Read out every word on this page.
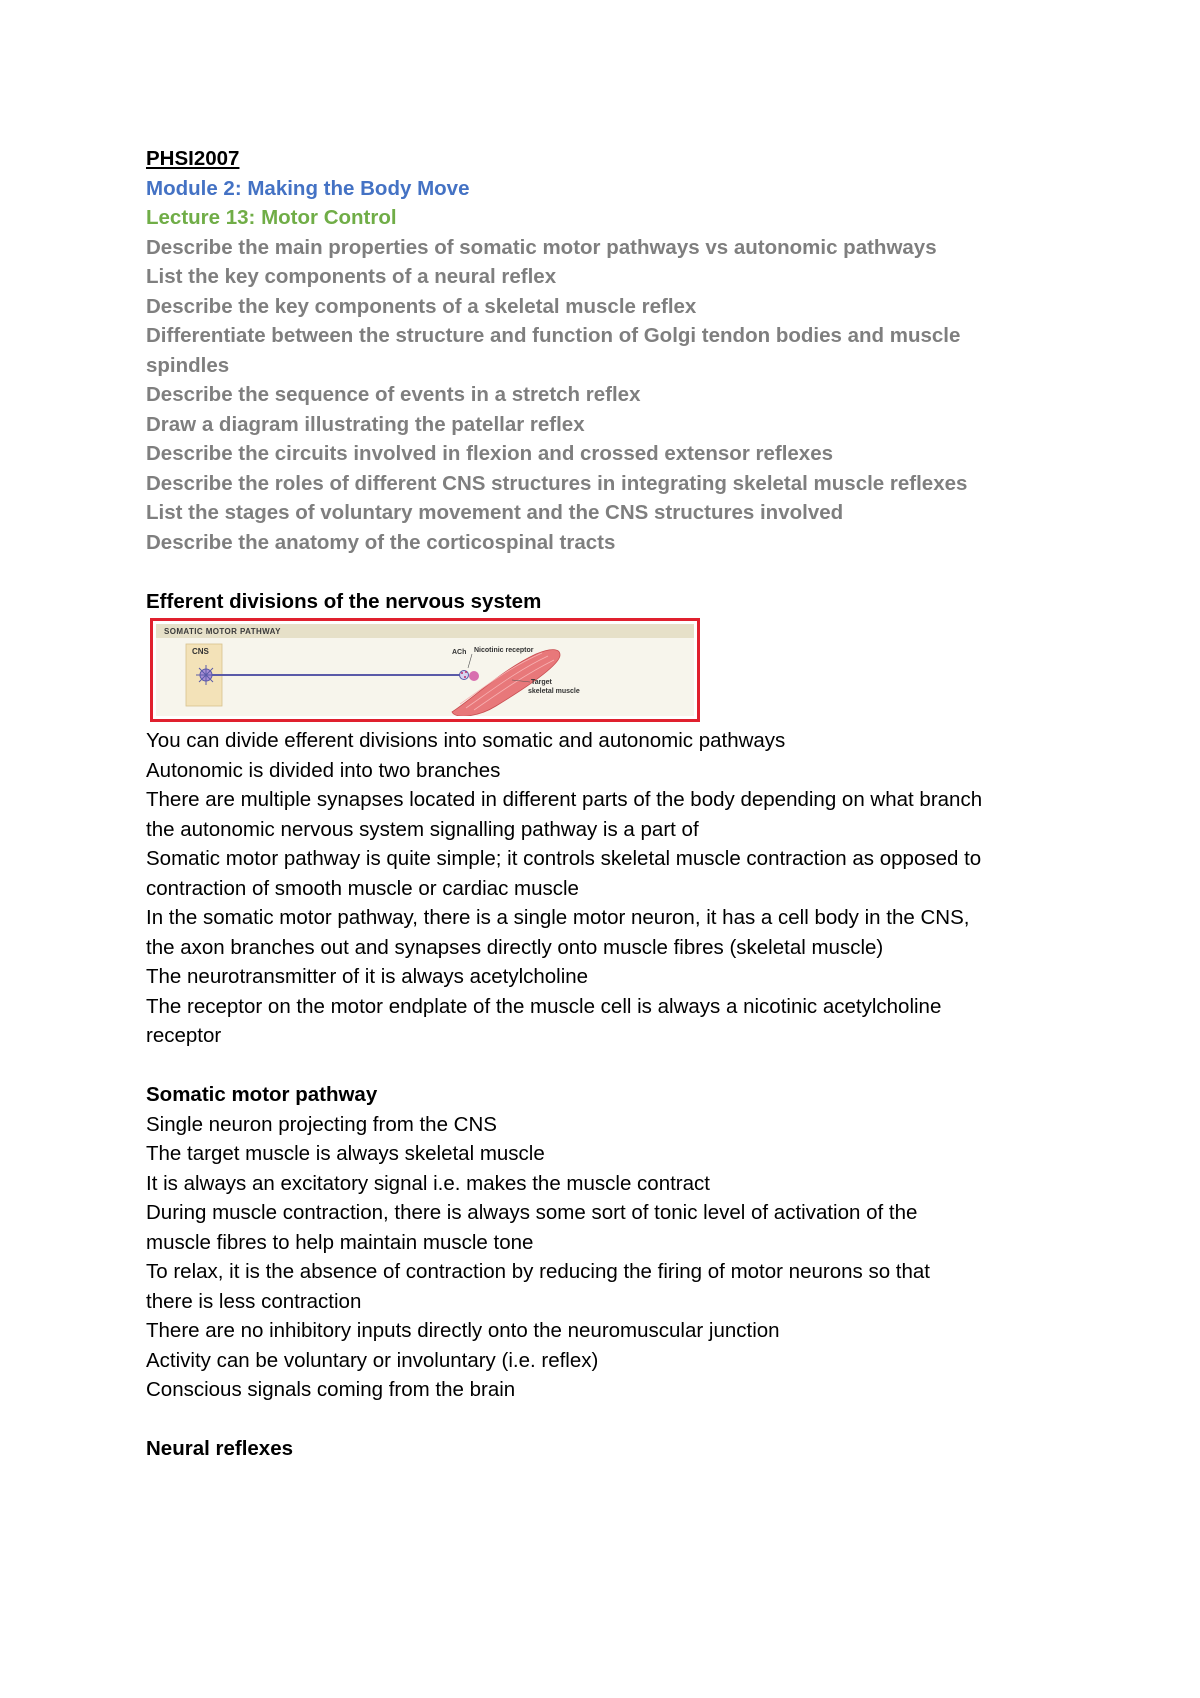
PHSI2007
Module 2: Making the Body Move
Lecture 13: Motor Control
Describe the main properties of somatic motor pathways vs autonomic pathways
List the key components of a neural reflex
Describe the key components of a skeletal muscle reflex
Differentiate between the structure and function of Golgi tendon bodies and muscle
spindles
Describe the sequence of events in a stretch reflex
Draw a diagram illustrating the patellar reflex
Describe the circuits involved in flexion and crossed extensor reflexes
Describe the roles of different CNS structures in integrating skeletal muscle reflexes
List the stages of voluntary movement and the CNS structures involved
Describe the anatomy of the corticospinal tracts
Efferent divisions of the nervous system
SOMATIC MOTOR PATHWAY
CNS	ACh Nicotinic receptor
Target
skeletal muscle
You can divide efferent divisions into somatic and autonomic pathways
Autonomic is divided into two branches
There are multiple synapses located in different parts of the body depending on what branch
the autonomic nervous system signalling pathway is a part of
Somatic motor pathway is quite simple; it controls skeletal muscle contraction as opposed to
contraction of smooth muscle or cardiac muscle
In the somatic motor pathway, there is a single motor neuron, it has a cell body in the CNS,
the axon branches out and synapses directly onto muscle fibres (skeletal muscle)
The neurotransmitter of it is always acetylcholine
The receptor on the motor endplate of the muscle cell is always a nicotinic acetylcholine
receptor
Somatic motor pathway
Single neuron projecting from the CNS
The target muscle is always skeletal muscle
It is always an excitatory signal i.e. makes the muscle contract
During muscle contraction, there is always some sort of tonic level of activation of the
muscle fibres to help maintain muscle tone
To relax, it is the absence of contraction by reducing the firing of motor neurons so that
there is less contraction
There are no inhibitory inputs directly onto the neuromuscular junction
Activity can be voluntary or involuntary (i.e. reflex)
Conscious signals coming from the brain
Neural reflexes
